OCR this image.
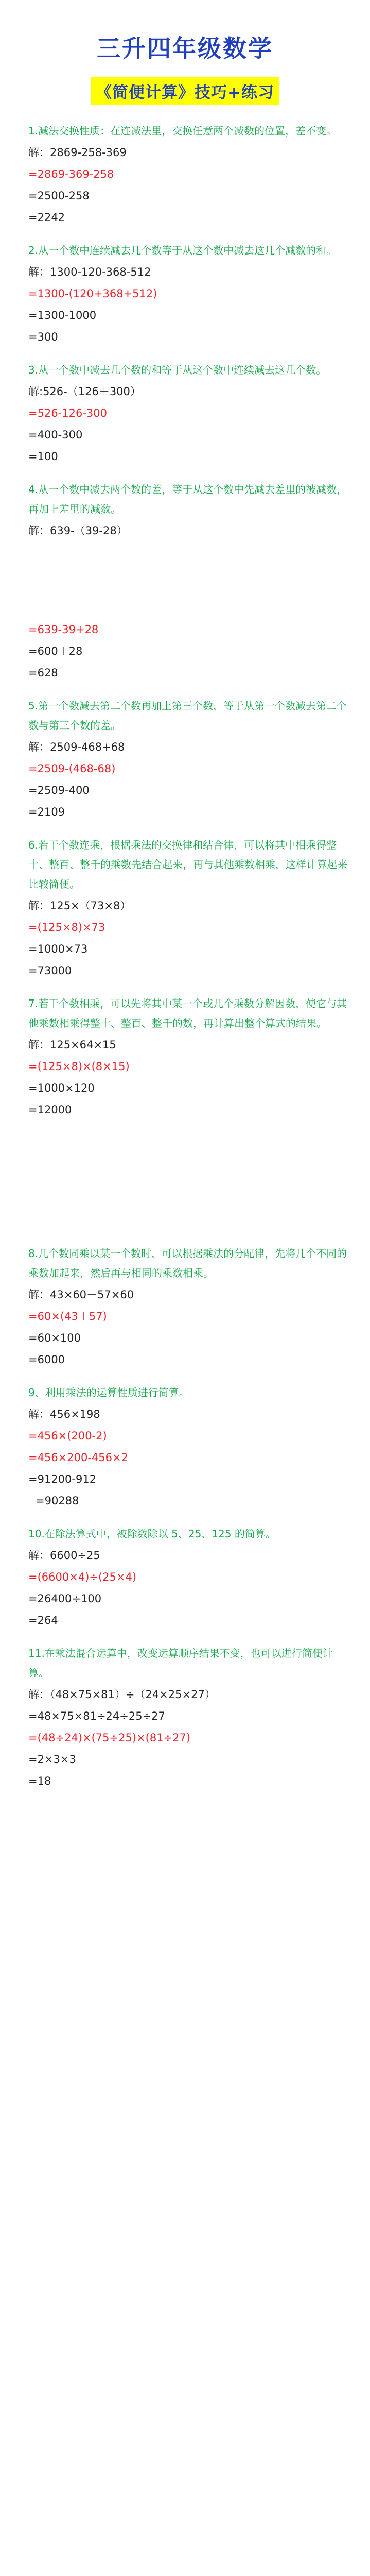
三升四年级数学
《简便计算》技巧+练习
1.减法交换性质：在连减法里，交换任意两个减数的位置，差不变。
解：2869-258-369
=2869-369-258
=2500-258
=2242
2.从一个数中连续减去几个数等于从这个数中减去这几个减数的和。
解：1300-120-368-512
=1300-(120+368+512)
=1300-1000
=300
3.从一个数中减去几个数的和等于从这个数中连续减去这几个数。
解:526-（126＋300）
=526-126-300
=400-300
=100
4.从一个数中减去两个数的差，等于从这个数中先减去差里的被减数，再加上差里的减数。
解：639-（39-28）
=639-39+28
=600＋28
=628
5.第一个数减去第二个数再加上第三个数，等于从第一个数减去第二个数与第三个数的差。
解：2509-468+68
=2509-(468-68)
=2509-400
=2109
6.若干个数连乘，根据乘法的交换律和结合律，可以将其中相乘得整十、整百、整千的乘数先结合起来，再与其他乘数相乘，这样计算起来比较简便。
解：125×（73×8）
=(125×8)×73
=1000×73
=73000
7.若干个数相乘，可以先将其中某一个或几个乘数分解因数，使它与其他乘数相乘得整十、整百、整千的数，再计算出整个算式的结果。
解：125×64×15
=(125×8)×(8×15)
=1000×120
=12000
8.几个数同乘以某一个数时，可以根据乘法的分配律，先将几个不同的乘数加起来，然后再与相同的乘数相乘。
解：43×60＋57×60
=60×(43＋57)
=60×100
=6000
9、利用乘法的运算性质进行简算。
解：456×198
=456×(200-2)
=456×200-456×2
=91200-912
=90288
10.在除法算式中，被除数除以 5、25、125 的简算。
解：6600÷25
=(6600×4)÷(25×4)
=26400÷100
=264
11.在乘法混合运算中，改变运算顺序结果不变，也可以进行简便计算。
解：（48×75×81）÷（24×25×27）
=48×75×81÷24÷25÷27
=(48÷24)×(75÷25)×(81÷27)
=2×3×3
=18
